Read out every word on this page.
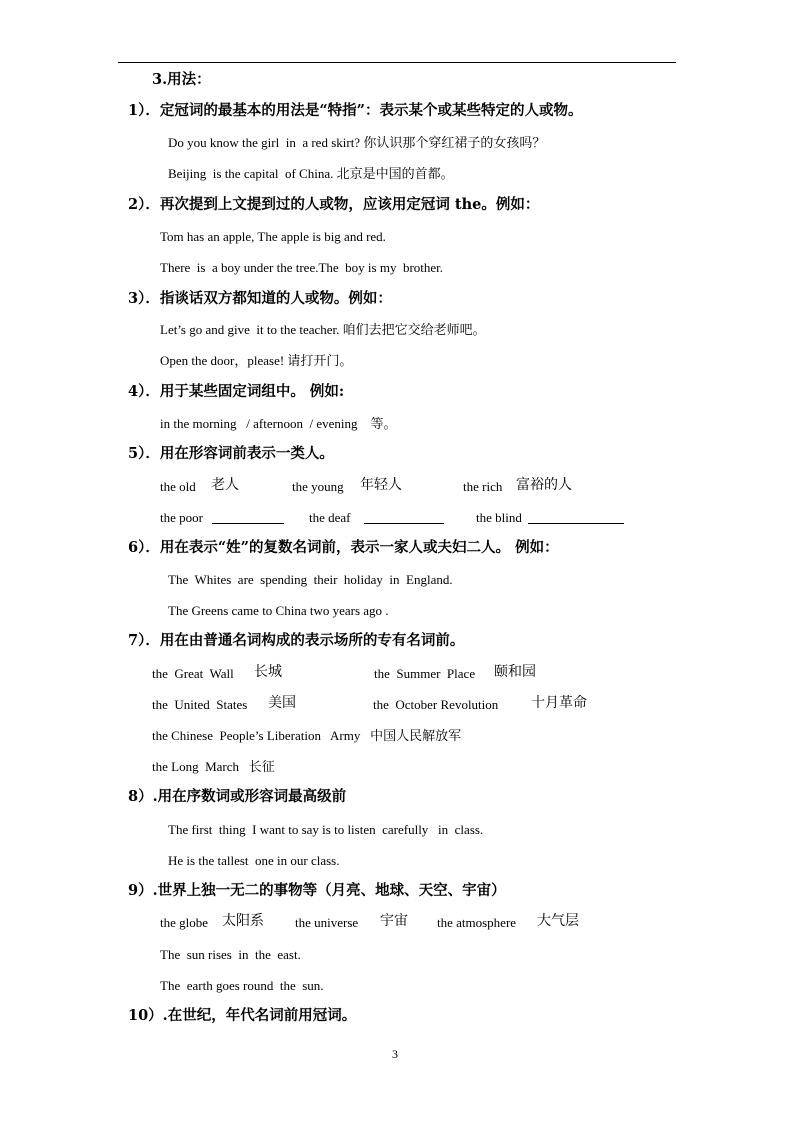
3.用法：
1）．定冠词的最基本的用法是“特指”：表示某个或某些特定的人或物。
Do you know the girl  in  a red skirt? 你认识那个穿红裙子的女孩吗？
Beijing  is the capital  of China. 北京是中国的首都。
2）．再次提到上文提到过的人或物，应该用定冠词 the。例如：
Tom has an apple, The apple is big and red.
There  is  a boy under the tree.The  boy is my  brother.
3）．指谈话双方都知道的人或物。例如：
Let’s go and give  it to the teacher. 咱们去把它交给老师吧。
Open the door，please! 请打开门。
4）．用于某些固定词组中。 例如:
in the morning   / afternoon  / evening    等。
5）．用在形容词前表示一类人。
the old 老人	the young 年轻人	the rich 富裕的人
the poor	the deaf	the blind
6）．用在表示“姓”的复数名词前，表示一家人或夫妇二人。 例如：
The  Whites  are  spending  their  holiday  in  England.
The Greens came to China two years ago .
7）．用在由普通名词构成的表示场所的专有名词前。
the  Great  Wall 长城	the  Summer  Place 颐和园
the  United  States 美国	the  October Revolution 十月革命
the Chinese  People’s Liberation   Army   中国人民解放军
the Long  March   长征
8）.用在序数词或形容词最高级前
The first  thing  I want to say is to listen  carefully   in  class.
He is the tallest  one in our class.
9）.世界上独一无二的事物等（月亮、地球、天空、宇宙）
the globe 太阳系 the universe 宇宙 the atmosphere 大气层
The  sun rises  in  the  east.
The  earth goes round  the  sun.
10）.在世纪，年代名词前用冠词。
3
